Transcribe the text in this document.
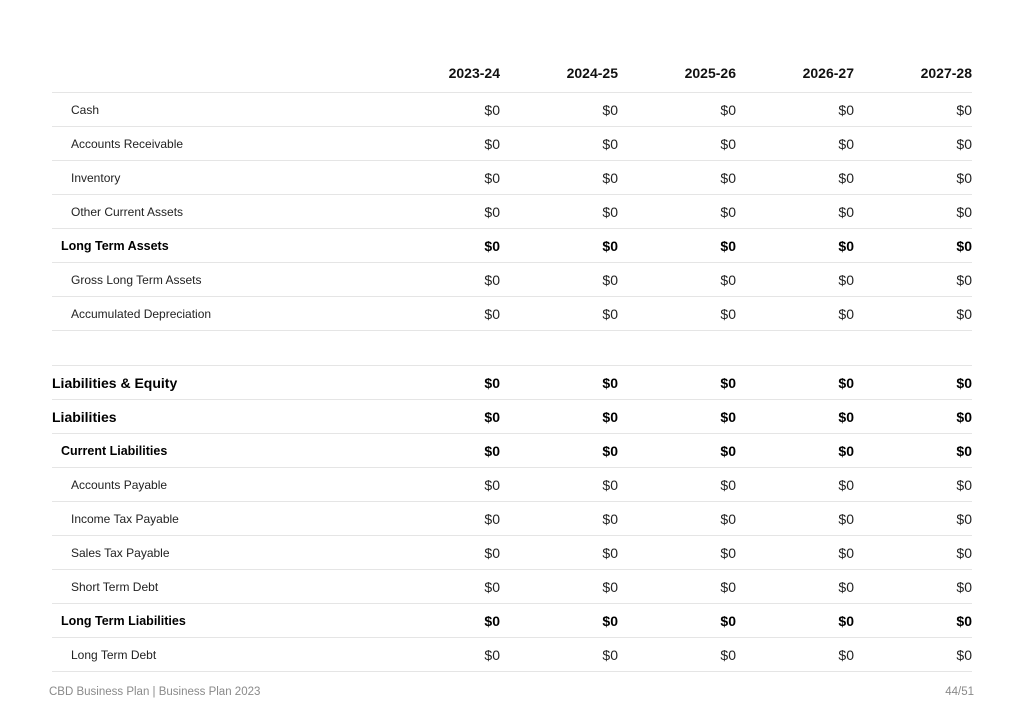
	2023-24	2024-25	2025-26	2026-27	2027-28
Cash	$0	$0	$0	$0	$0
Accounts Receivable	$0	$0	$0	$0	$0
Inventory	$0	$0	$0	$0	$0
Other Current Assets	$0	$0	$0	$0	$0
Long Term Assets	$0	$0	$0	$0	$0
Gross Long Term Assets	$0	$0	$0	$0	$0
Accumulated Depreciation	$0	$0	$0	$0	$0

Liabilities & Equity	$0	$0	$0	$0	$0
Liabilities	$0	$0	$0	$0	$0
Current Liabilities	$0	$0	$0	$0	$0
Accounts Payable	$0	$0	$0	$0	$0
Income Tax Payable	$0	$0	$0	$0	$0
Sales Tax Payable	$0	$0	$0	$0	$0
Short Term Debt	$0	$0	$0	$0	$0
Long Term Liabilities	$0	$0	$0	$0	$0
Long Term Debt	$0	$0	$0	$0	$0
CBD Business Plan | Business Plan 2023	44/51
